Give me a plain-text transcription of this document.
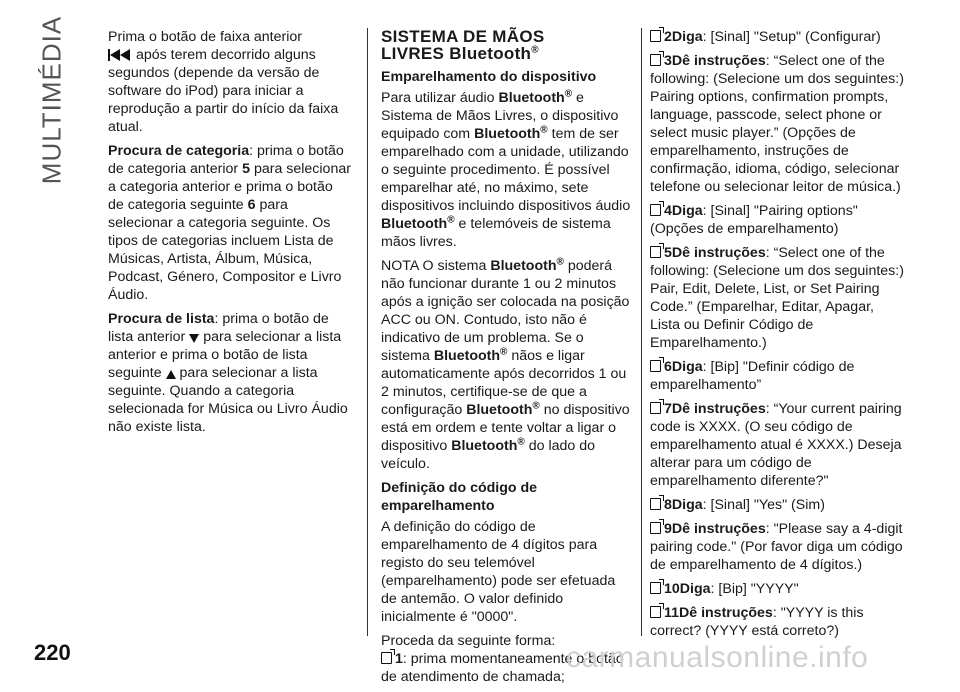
MULTIMÉDIA	Prima o botão de faixa anterior
após terem decorrido alguns segundos (depende da versão de software do iPod) para iniciar a reprodução a partir do início da faixa atual.

Procura de categoria: prima o botão de categoria anterior 5 para selecionar a categoria anterior e prima o botão de categoria seguinte 6 para selecionar a categoria seguinte. Os tipos de categorias incluem Lista de Músicas, Artista, Álbum, Música, Podcast, Género, Compositor e Livro Áudio.

Procura de lista: prima o botão de lista anterior para selecionar a lista anterior e prima o botão de lista seguinte para selecionar a lista seguinte. Quando a categoria selecionada for Música ou Livro Áudio não existe lista.

SISTEMA DE MÃOS
LIVRES Bluetooth®
Emparelhamento do dispositivo

Para utilizar áudio Bluetooth® e Sistema de Mãos Livres, o dispositivo equipado com Bluetooth® tem de ser emparelhado com a unidade, utilizando o seguinte procedimento. É possível emparelhar até, no máximo, sete dispositivos incluindo dispositivos áudio Bluetooth® e telemóveis de sistema mãos livres.

NOTA O sistema Bluetooth® poderá não funcionar durante 1 ou 2 minutos após a ignição ser colocada na posição ACC ou ON. Contudo, isto não é indicativo de um problema. Se o sistema Bluetooth® nãos e ligar automaticamente após decorridos 1 ou 2 minutos, certifique-se de que a configuração Bluetooth® no dispositivo está em ordem e tente voltar a ligar o dispositivo Bluetooth® do lado do veículo.

Definição do código de emparelhamento

A definição do código de emparelhamento de 4 dígitos para registo do seu telemóvel (emparelhamento) pode ser efetuada de antemão. O valor definido inicialmente é "0000".

Proceda da seguinte forma:
1: prima momentaneamente o botão de atendimento de chamada;

2Diga: [Sinal] "Setup" (Configurar)

3Dê instruções: “Select one of the following: (Selecione um dos seguintes:) Pairing options, confirmation prompts, language, passcode, select phone or select music player.” (Opções de emparelhamento, instruções de confirmação, idioma, código, selecionar telefone ou selecionar leitor de música.)

4Diga: [Sinal] "Pairing options" (Opções de emparelhamento)

5Dê instruções: “Select one of the following: (Selecione um dos seguintes:) Pair, Edit, Delete, List, or Set Pairing Code.” (Emparelhar, Editar, Apagar, Lista ou Definir Código de Emparelhamento.)

6Diga: [Bip] "Definir código de emparelhamento”

7Dê instruções: “Your current pairing code is XXXX. (O seu código de emparelhamento atual é XXXX.) Deseja alterar para um código de emparelhamento diferente?"

8Diga: [Sinal] "Yes" (Sim)

9Dê instruções: "Please say a 4-digit pairing code." (Por favor diga um código de emparelhamento de 4 dígitos.)

10Diga: [Bip] "YYYY"

11Dê instruções: "YYYY is this correct? (YYYY está correto?)

220	carmanualsonline.info
